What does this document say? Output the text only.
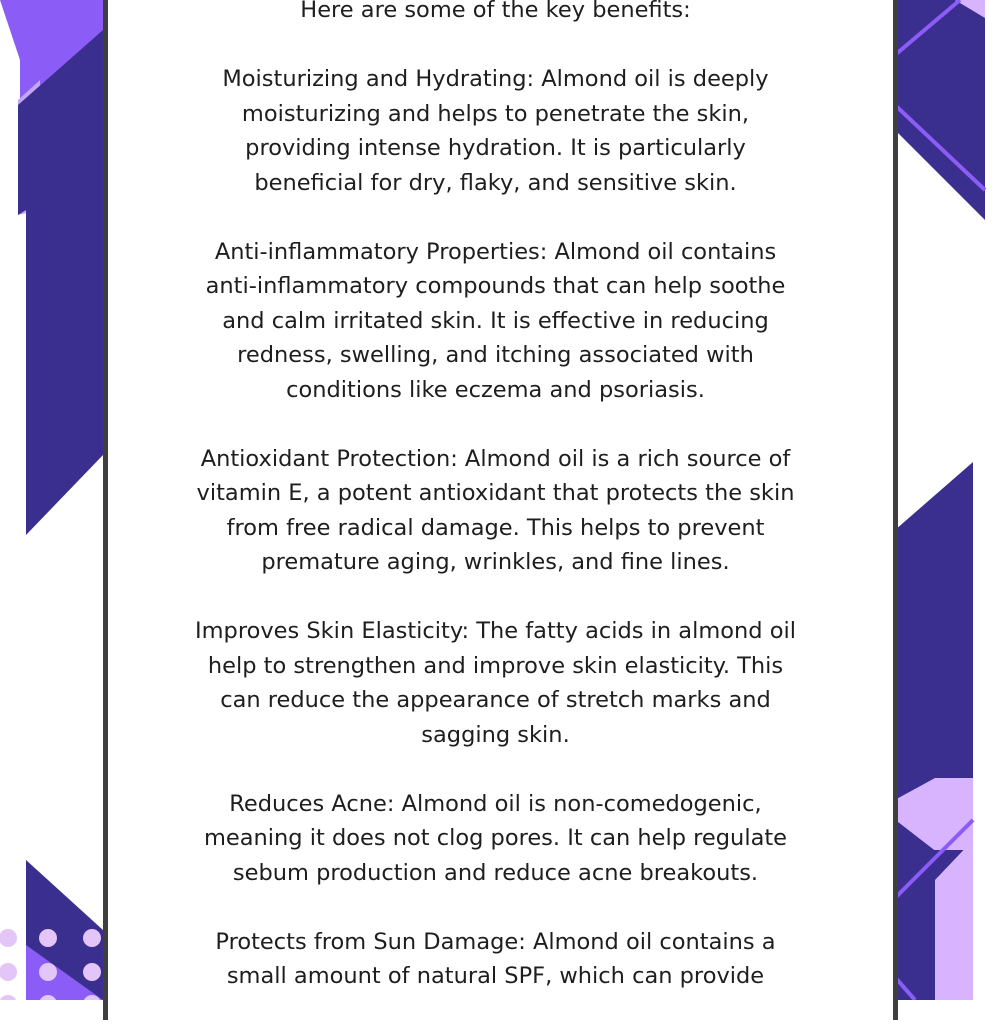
Here are some of the key benefits:

Moisturizing and Hydrating: Almond oil is deeply
moisturizing and helps to penetrate the skin,
providing intense hydration. It is particularly
beneficial for dry, flaky, and sensitive skin.

Anti-inflammatory Properties: Almond oil contains
anti-inflammatory compounds that can help soothe
and calm irritated skin. It is effective in reducing
redness, swelling, and itching associated with
conditions like eczema and psoriasis.

Antioxidant Protection: Almond oil is a rich source of
vitamin E, a potent antioxidant that protects the skin
from free radical damage. This helps to prevent
premature aging, wrinkles, and fine lines.

Improves Skin Elasticity: The fatty acids in almond oil
help to strengthen and improve skin elasticity. This
can reduce the appearance of stretch marks and
sagging skin.

Reduces Acne: Almond oil is non-comedogenic,
meaning it does not clog pores. It can help regulate
sebum production and reduce acne breakouts.

Protects from Sun Damage: Almond oil contains a
small amount of natural SPF, which can provide
